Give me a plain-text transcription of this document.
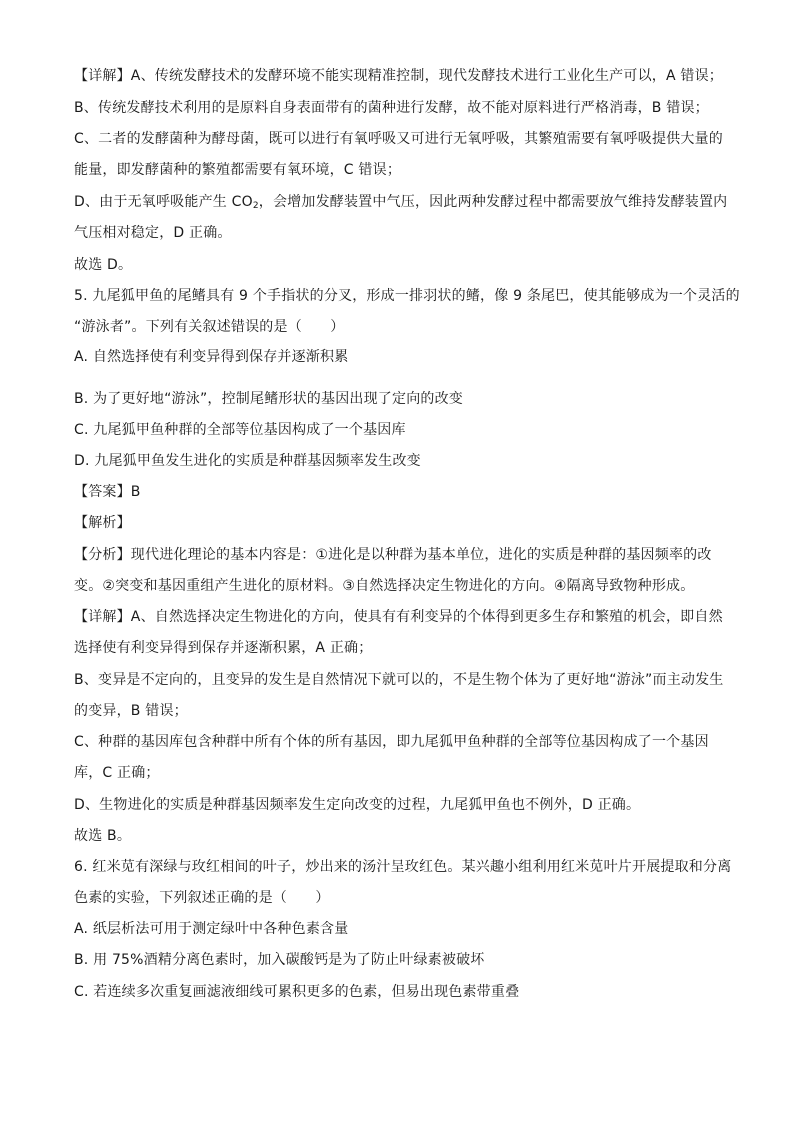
【详解】A、传统发酵技术的发酵环境不能实现精准控制，现代发酵技术进行工业化生产可以，A 错误；
B、传统发酵技术利用的是原料自身表面带有的菌种进行发酵，故不能对原料进行严格消毒，B 错误；
C、二者的发酵菌种为酵母菌，既可以进行有氧呼吸又可进行无氧呼吸，其繁殖需要有氧呼吸提供大量的
能量，即发酵菌种的繁殖都需要有氧环境，C 错误；
D、由于无氧呼吸能产生 $CO_2$，会增加发酵装置中气压，因此两种发酵过程中都需要放气维持发酵装置内
气压相对稳定，D 正确。
故选 D。
5. 九尾狐甲鱼的尾鳍具有 9 个手指状的分叉，形成一排羽状的鳍，像 9 条尾巴，使其能够成为一个灵活的
“游泳者”。下列有关叙述错误的是（　　）
A. 自然选择使有利变异得到保存并逐渐积累
B. 为了更好地“游泳”，控制尾鳍形状的基因出现了定向的改变
C. 九尾狐甲鱼种群的全部等位基因构成了一个基因库
D. 九尾狐甲鱼发生进化的实质是种群基因频率发生改变
【答案】B
【解析】
【分析】现代进化理论的基本内容是：①进化是以种群为基本单位，进化的实质是种群的基因频率的改
变。②突变和基因重组产生进化的原材料。③自然选择决定生物进化的方向。④隔离导致物种形成。
【详解】A、自然选择决定生物进化的方向，使具有有利变异的个体得到更多生存和繁殖的机会，即自然
选择使有利变异得到保存并逐渐积累，A 正确；
B、变异是不定向的，且变异的发生是自然情况下就可以的，不是生物个体为了更好地“游泳”而主动发生
的变异，B 错误；
C、种群的基因库包含种群中所有个体的所有基因，即九尾狐甲鱼种群的全部等位基因构成了一个基因
库，C 正确；
D、生物进化的实质是种群基因频率发生定向改变的过程，九尾狐甲鱼也不例外，D 正确。
故选 B。
6. 红米苋有深绿与玫红相间的叶子，炒出来的汤汁呈玫红色。某兴趣小组利用红米苋叶片开展提取和分离
色素的实验，下列叙述正确的是（　　）
A. 纸层析法可用于测定绿叶中各种色素含量
B. 用 75%酒精分离色素时，加入碳酸钙是为了防止叶绿素被破坏
C. 若连续多次重复画滤液细线可累积更多的色素，但易出现色素带重叠
